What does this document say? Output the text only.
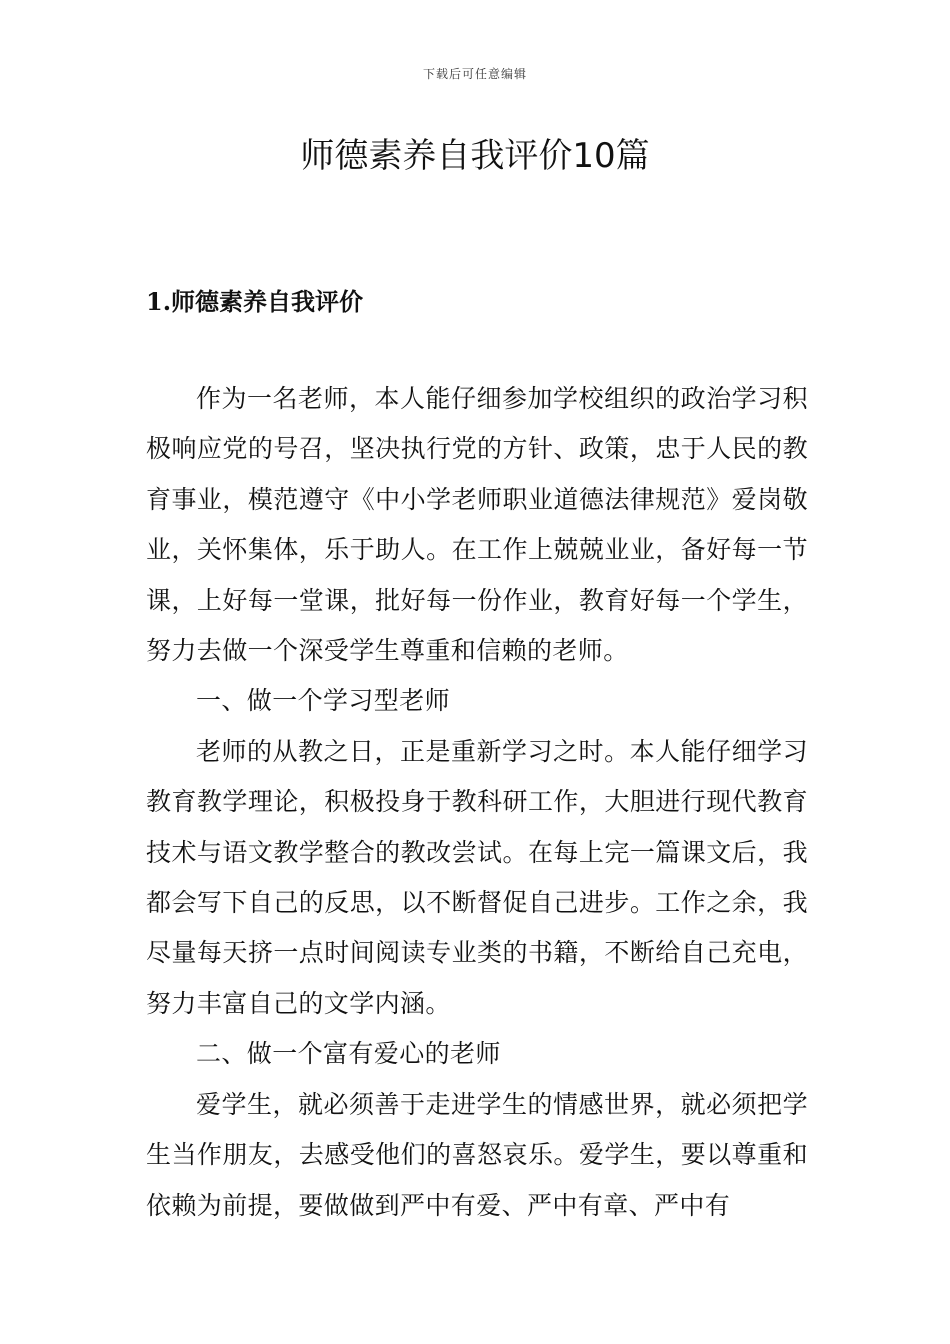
下载后可任意编辑
师德素养自我评价10篇
1.师德素养自我评价

作为一名老师，本人能仔细参加学校组织的政治学习积极响应党的号召，坚决执行党的方针、政策，忠于人民的教育事业，模范遵守《中小学老师职业道德法律规范》爱岗敬业，关怀集体，乐于助人。在工作上兢兢业业，备好每一节课，上好每一堂课，批好每一份作业，教育好每一个学生，努力去做一个深受学生尊重和信赖的老师。

一、做一个学习型老师

老师的从教之日，正是重新学习之时。本人能仔细学习教育教学理论，积极投身于教科研工作，大胆进行现代教育技术与语文教学整合的教改尝试。在每上完一篇课文后，我都会写下自己的反思，以不断督促自己进步。工作之余，我尽量每天挤一点时间阅读专业类的书籍，不断给自己充电，努力丰富自己的文学内涵。

二、做一个富有爱心的老师

爱学生，就必须善于走进学生的情感世界，就必须把学生当作朋友，去感受他们的喜怒哀乐。爱学生，要以尊重和依赖为前提，要做做到严中有爱、严中有章、严中有
